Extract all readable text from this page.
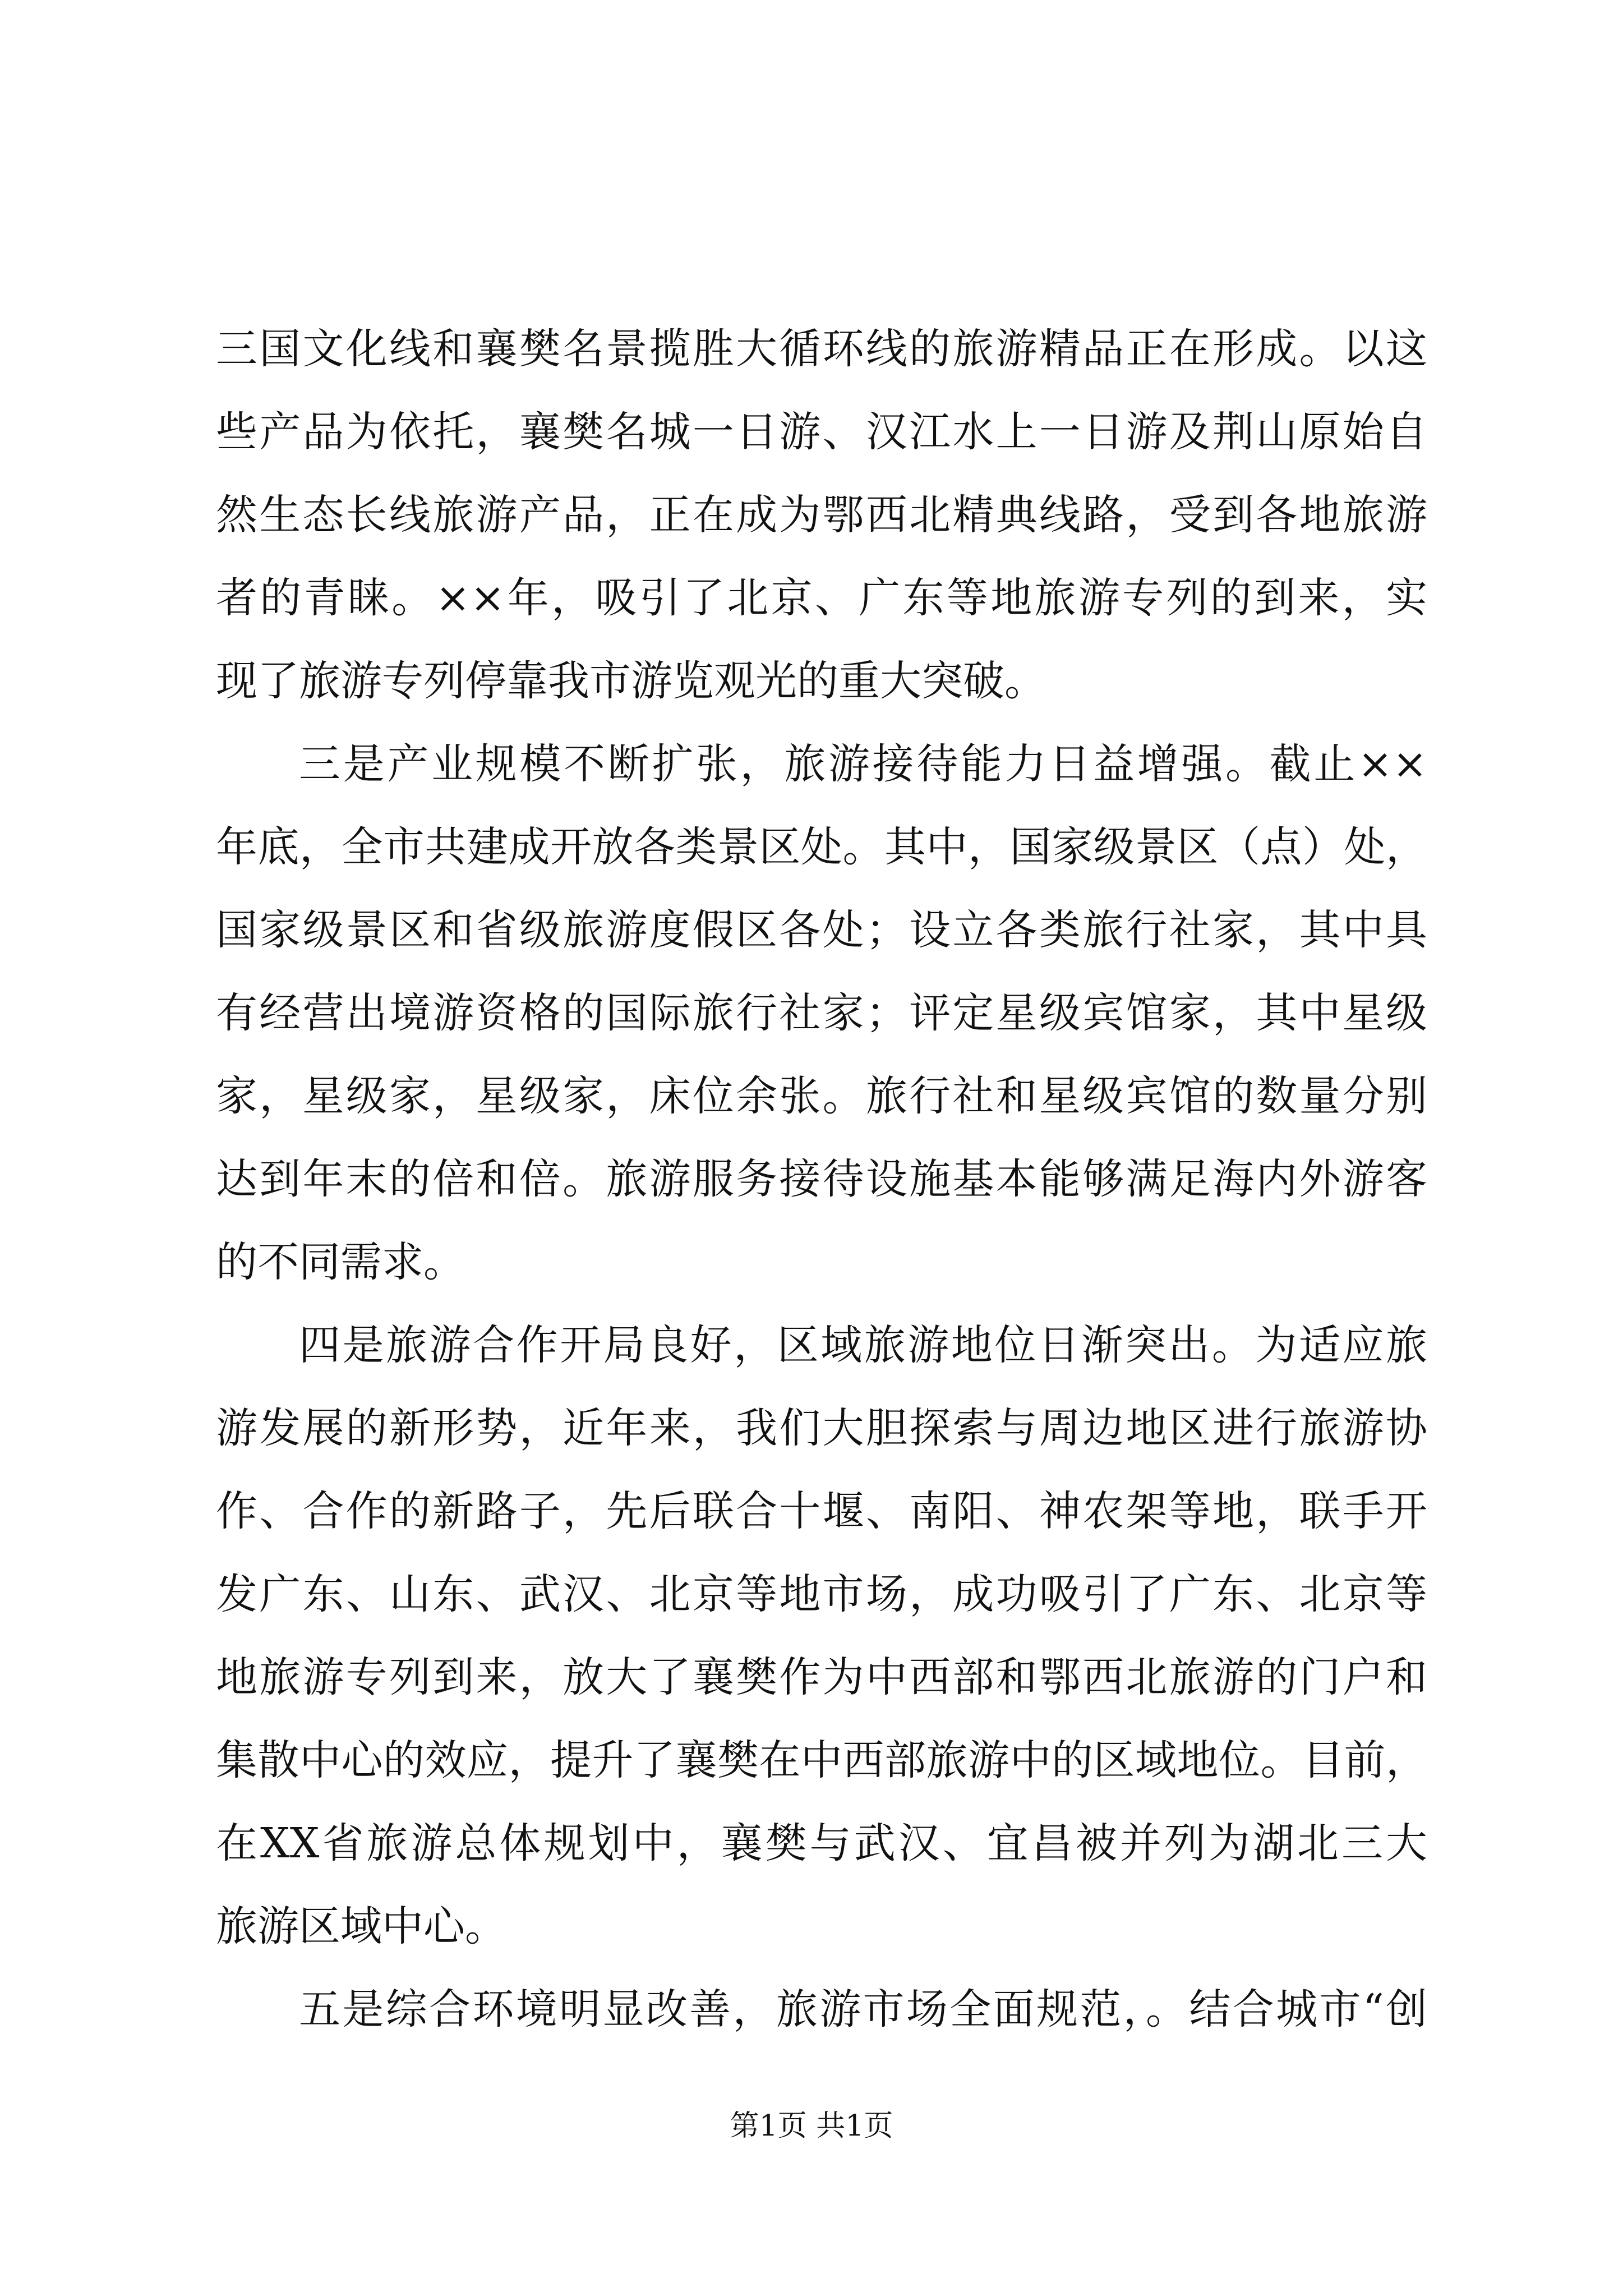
三国文化线和襄樊名景揽胜大循环线的旅游精品正在形成。以这
些产品为依托，襄樊名城一日游、汉江水上一日游及荆山原始自
然生态长线旅游产品，正在成为鄂西北精典线路，受到各地旅游
者的青睐。××年，吸引了北京、广东等地旅游专列的到来，实
现了旅游专列停靠我市游览观光的重大突破。
三是产业规模不断扩张，旅游接待能力日益增强。截止××
年底，全市共建成开放各类景区处。其中，国家级景区（点）处，
国家级景区和省级旅游度假区各处；设立各类旅行社家，其中具
有经营出境游资格的国际旅行社家；评定星级宾馆家，其中星级
家，星级家，星级家，床位余张。旅行社和星级宾馆的数量分别
达到年末的倍和倍。旅游服务接待设施基本能够满足海内外游客
的不同需求。
四是旅游合作开局良好，区域旅游地位日渐突出。为适应旅
游发展的新形势，近年来，我们大胆探索与周边地区进行旅游协
作、合作的新路子，先后联合十堰、南阳、神农架等地，联手开
发广东、山东、武汉、北京等地市场，成功吸引了广东、北京等
地旅游专列到来，放大了襄樊作为中西部和鄂西北旅游的门户和
集散中心的效应，提升了襄樊在中西部旅游中的区域地位。目前，
在XX省旅游总体规划中，襄樊与武汉、宜昌被并列为湖北三大
旅游区域中心。
五是综合环境明显改善，旅游市场全面规范，。结合城市“创
第1页 共1页
